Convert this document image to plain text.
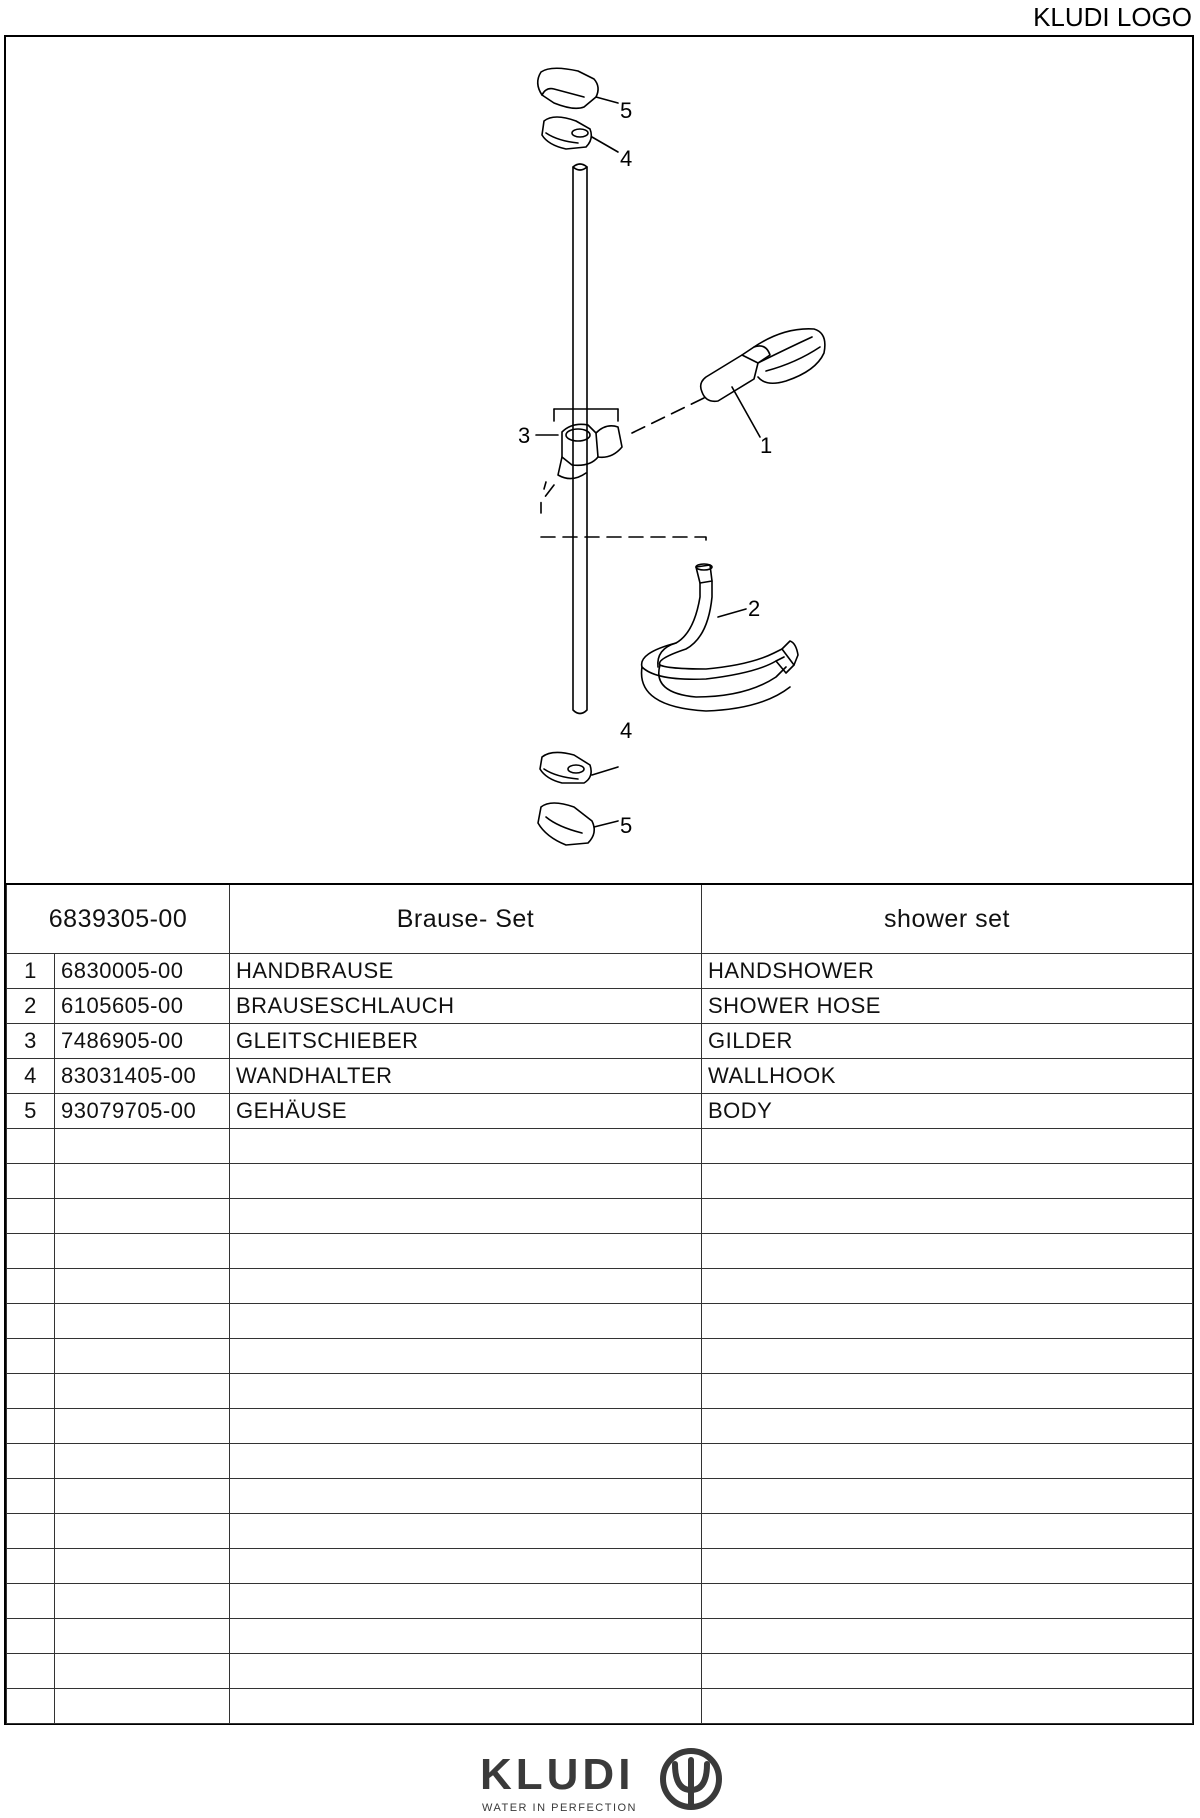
KLUDI LOGO
5
4
1
3
2
4
5
6839305-00		Brause- Set	shower set
1	6830005-00	HANDBRAUSE	HANDSHOWER
2	6105605-00	BRAUSESCHLAUCH	SHOWER HOSE
3	7486905-00	GLEITSCHIEBER	GILDER
4	83031405-00	WANDHALTER	WALLHOOK
5	93079705-00	GEHÄUSE	BODY

KLUDI
WATER IN PERFECTION
